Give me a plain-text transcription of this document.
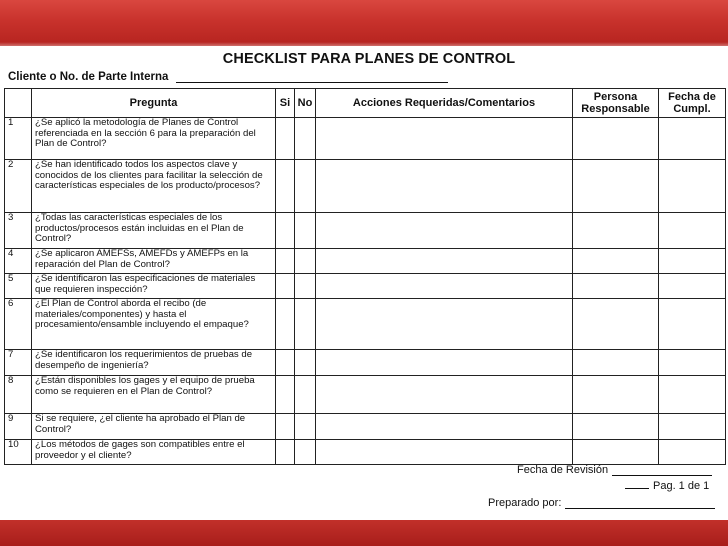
CHECKLIST PARA PLANES DE CONTROL
Cliente o No. de Parte Interna
	Pregunta	Si	No	Acciones Requeridas/Comentarios	Persona Responsable	Fecha de Cumpl.
1	¿Se aplicó la metodología de Planes de Control referenciada en la sección 6 para la preparación del Plan de Control?					
2	¿Se han identificado todos los aspectos clave y conocidos de los clientes para facilitar la selección de características especiales de los producto/procesos?					
3	¿Todas las características especiales de los productos/procesos están incluidas en el Plan de Control?					
4	¿Se aplicaron AMEFSs, AMEFDs y AMEFPs en la reparación del Plan de Control?					
5	¿Se identificaron las especificaciones de materiales que requieren inspección?					
6	¿El Plan de Control aborda el recibo (de materiales/componentes) y hasta el procesamiento/ensamble incluyendo el empaque?					
7	¿Se identificaron los requerimientos de pruebas de desempeño de ingeniería?					
8	¿Están disponibles los gages y el equipo de prueba como se requieren en el Plan de Control?					
9	Si se requiere, ¿el cliente ha aprobado el Plan de Control?					
10	¿Los métodos de gages son compatibles entre el proveedor y el cliente?					
Fecha de Revisión
Pag. 1 de 1
Preparado por:
